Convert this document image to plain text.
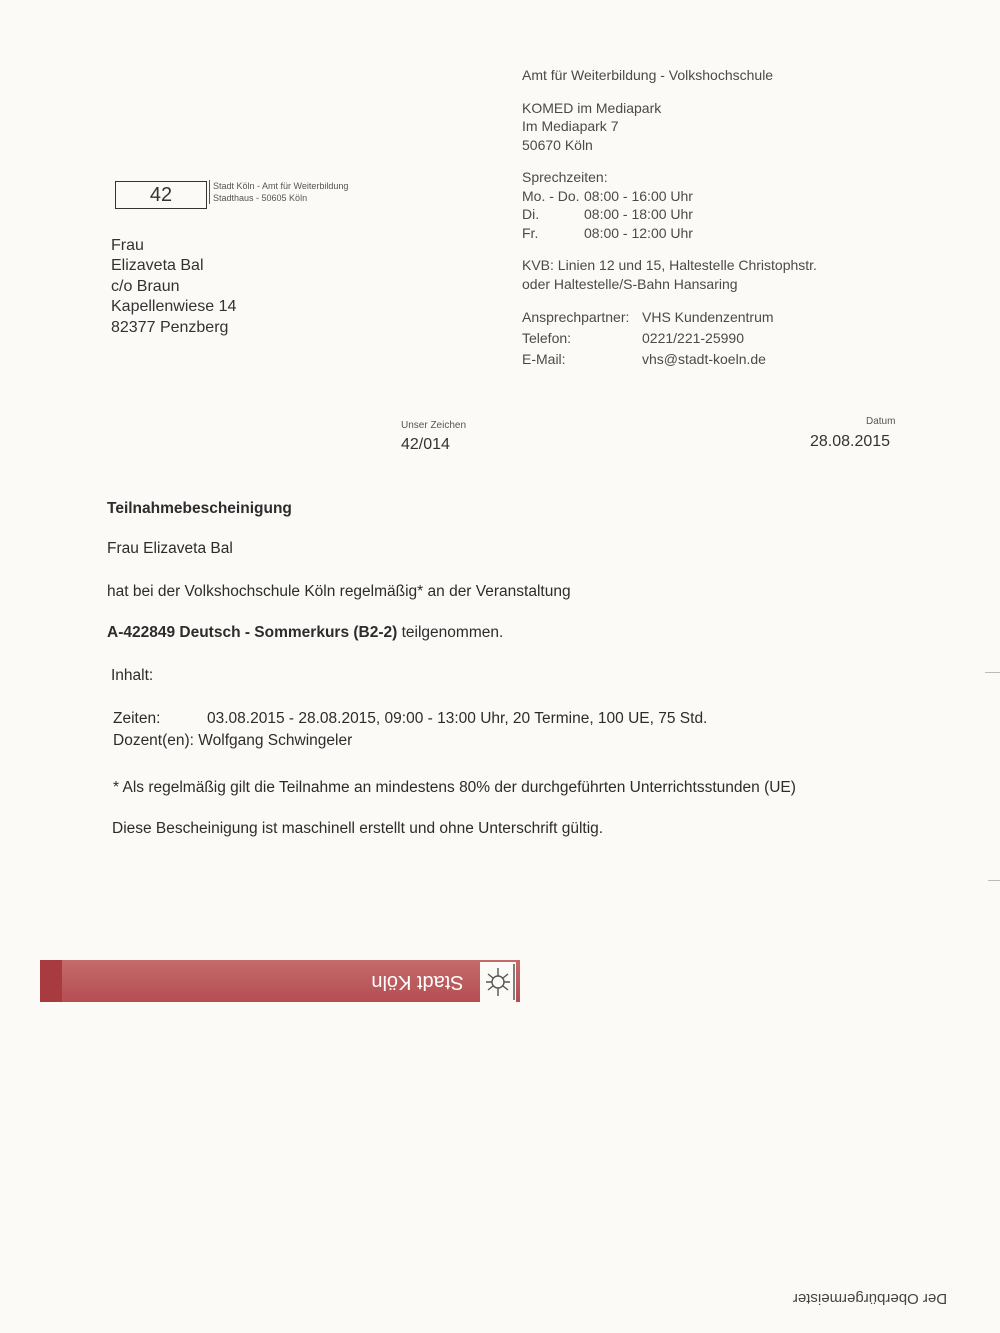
Amt für Weiterbildung - Volkshochschule
KOMED im Mediapark
Im Mediapark 7
50670 Köln
Sprechzeiten:
Mo. - Do. 08:00 - 16:00 Uhr
Di.	08:00 - 18:00 Uhr
Fr.	08:00 - 12:00 Uhr
KVB: Linien 12 und 15, Haltestelle Christophstr.
oder Haltestelle/S-Bahn Hansaring
Ansprechpartner: VHS Kundenzentrum
Telefon:	0221/221-25990
E-Mail:	vhs@stadt-koeln.de
42	Stadt Köln - Amt für Weiterbildung
Stadthaus - 50605 Köln
Frau
Elizaveta Bal
c/o Braun
Kapellenwiese 14
82377 Penzberg
Unser Zeichen
42/014
Datum
28.08.2015
Teilnahmebescheinigung
Frau Elizaveta Bal
hat bei der Volkshochschule Köln regelmäßig* an der Veranstaltung
A-422849 Deutsch - Sommerkurs (B2-2) teilgenommen.
Inhalt:
Zeiten:	03.08.2015 - 28.08.2015, 09:00 - 13:00 Uhr, 20 Termine, 100 UE, 75 Std.
Dozent(en): Wolfgang Schwingeler
* Als regelmäßig gilt die Teilnahme an mindestens 80% der durchgeführten Unterrichtsstunden (UE)
Diese Bescheinigung ist maschinell erstellt und ohne Unterschrift gültig.
Stadt Köln
Der Oberbürgermeister
